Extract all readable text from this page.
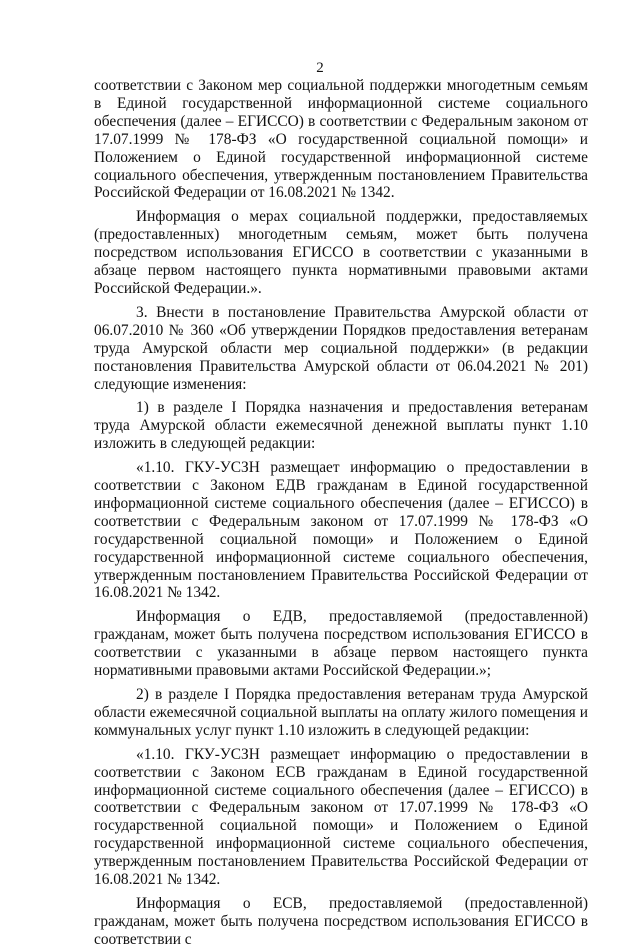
2

соответствии с Законом мер социальной поддержки многодетным семьям в Единой государственной информационной системе социального обеспечения (далее – ЕГИССО) в соответствии с Федеральным законом от 17.07.1999 № 178-ФЗ «О государственной социальной помощи» и Положением о Единой государственной информационной системе социального обеспечения, утвержденным постановлением Правительства Российской Федерации от 16.08.2021 № 1342.

Информация о мерах социальной поддержки, предоставляемых (предоставленных) многодетным семьям, может быть получена посредством использования ЕГИССО в соответствии с указанными в абзаце первом настоящего пункта нормативными правовыми актами Российской Федерации.».

3. Внести в постановление Правительства Амурской области от 06.07.2010 № 360 «Об утверждении Порядков предоставления ветеранам труда Амурской области мер социальной поддержки» (в редакции постановления Правительства Амурской области от 06.04.2021 № 201) следующие изменения:

1) в разделе I Порядка назначения и предоставления ветеранам труда Амурской области ежемесячной денежной выплаты пункт 1.10 изложить в следующей редакции:

«1.10. ГКУ-УСЗН размещает информацию о предоставлении в соответствии с Законом ЕДВ гражданам в Единой государственной информационной системе социального обеспечения (далее – ЕГИССО) в соответствии с Федеральным законом от 17.07.1999 № 178-ФЗ «О государственной социальной помощи» и Положением о Единой государственной информационной системе социального обеспечения, утвержденным постановлением Правительства Российской Федерации от 16.08.2021 № 1342.

Информация о ЕДВ, предоставляемой (предоставленной) гражданам, может быть получена посредством использования ЕГИССО в соответствии с указанными в абзаце первом настоящего пункта нормативными правовыми актами Российской Федерации.»;

2) в разделе I Порядка предоставления ветеранам труда Амурской области ежемесячной социальной выплаты на оплату жилого помещения и коммунальных услуг пункт 1.10 изложить в следующей редакции:

«1.10. ГКУ-УСЗН размещает информацию о предоставлении в соответствии с Законом ЕСВ гражданам в Единой государственной информационной системе социального обеспечения (далее – ЕГИССО) в соответствии с Федеральным законом от 17.07.1999 № 178-ФЗ «О государственной социальной помощи» и Положением о Единой государственной информационной системе социального обеспечения, утвержденным постановлением Правительства Российской Федерации от 16.08.2021 № 1342.

Информация о ЕСВ, предоставляемой (предоставленной) гражданам, может быть получена посредством использования ЕГИССО в соответствии с
